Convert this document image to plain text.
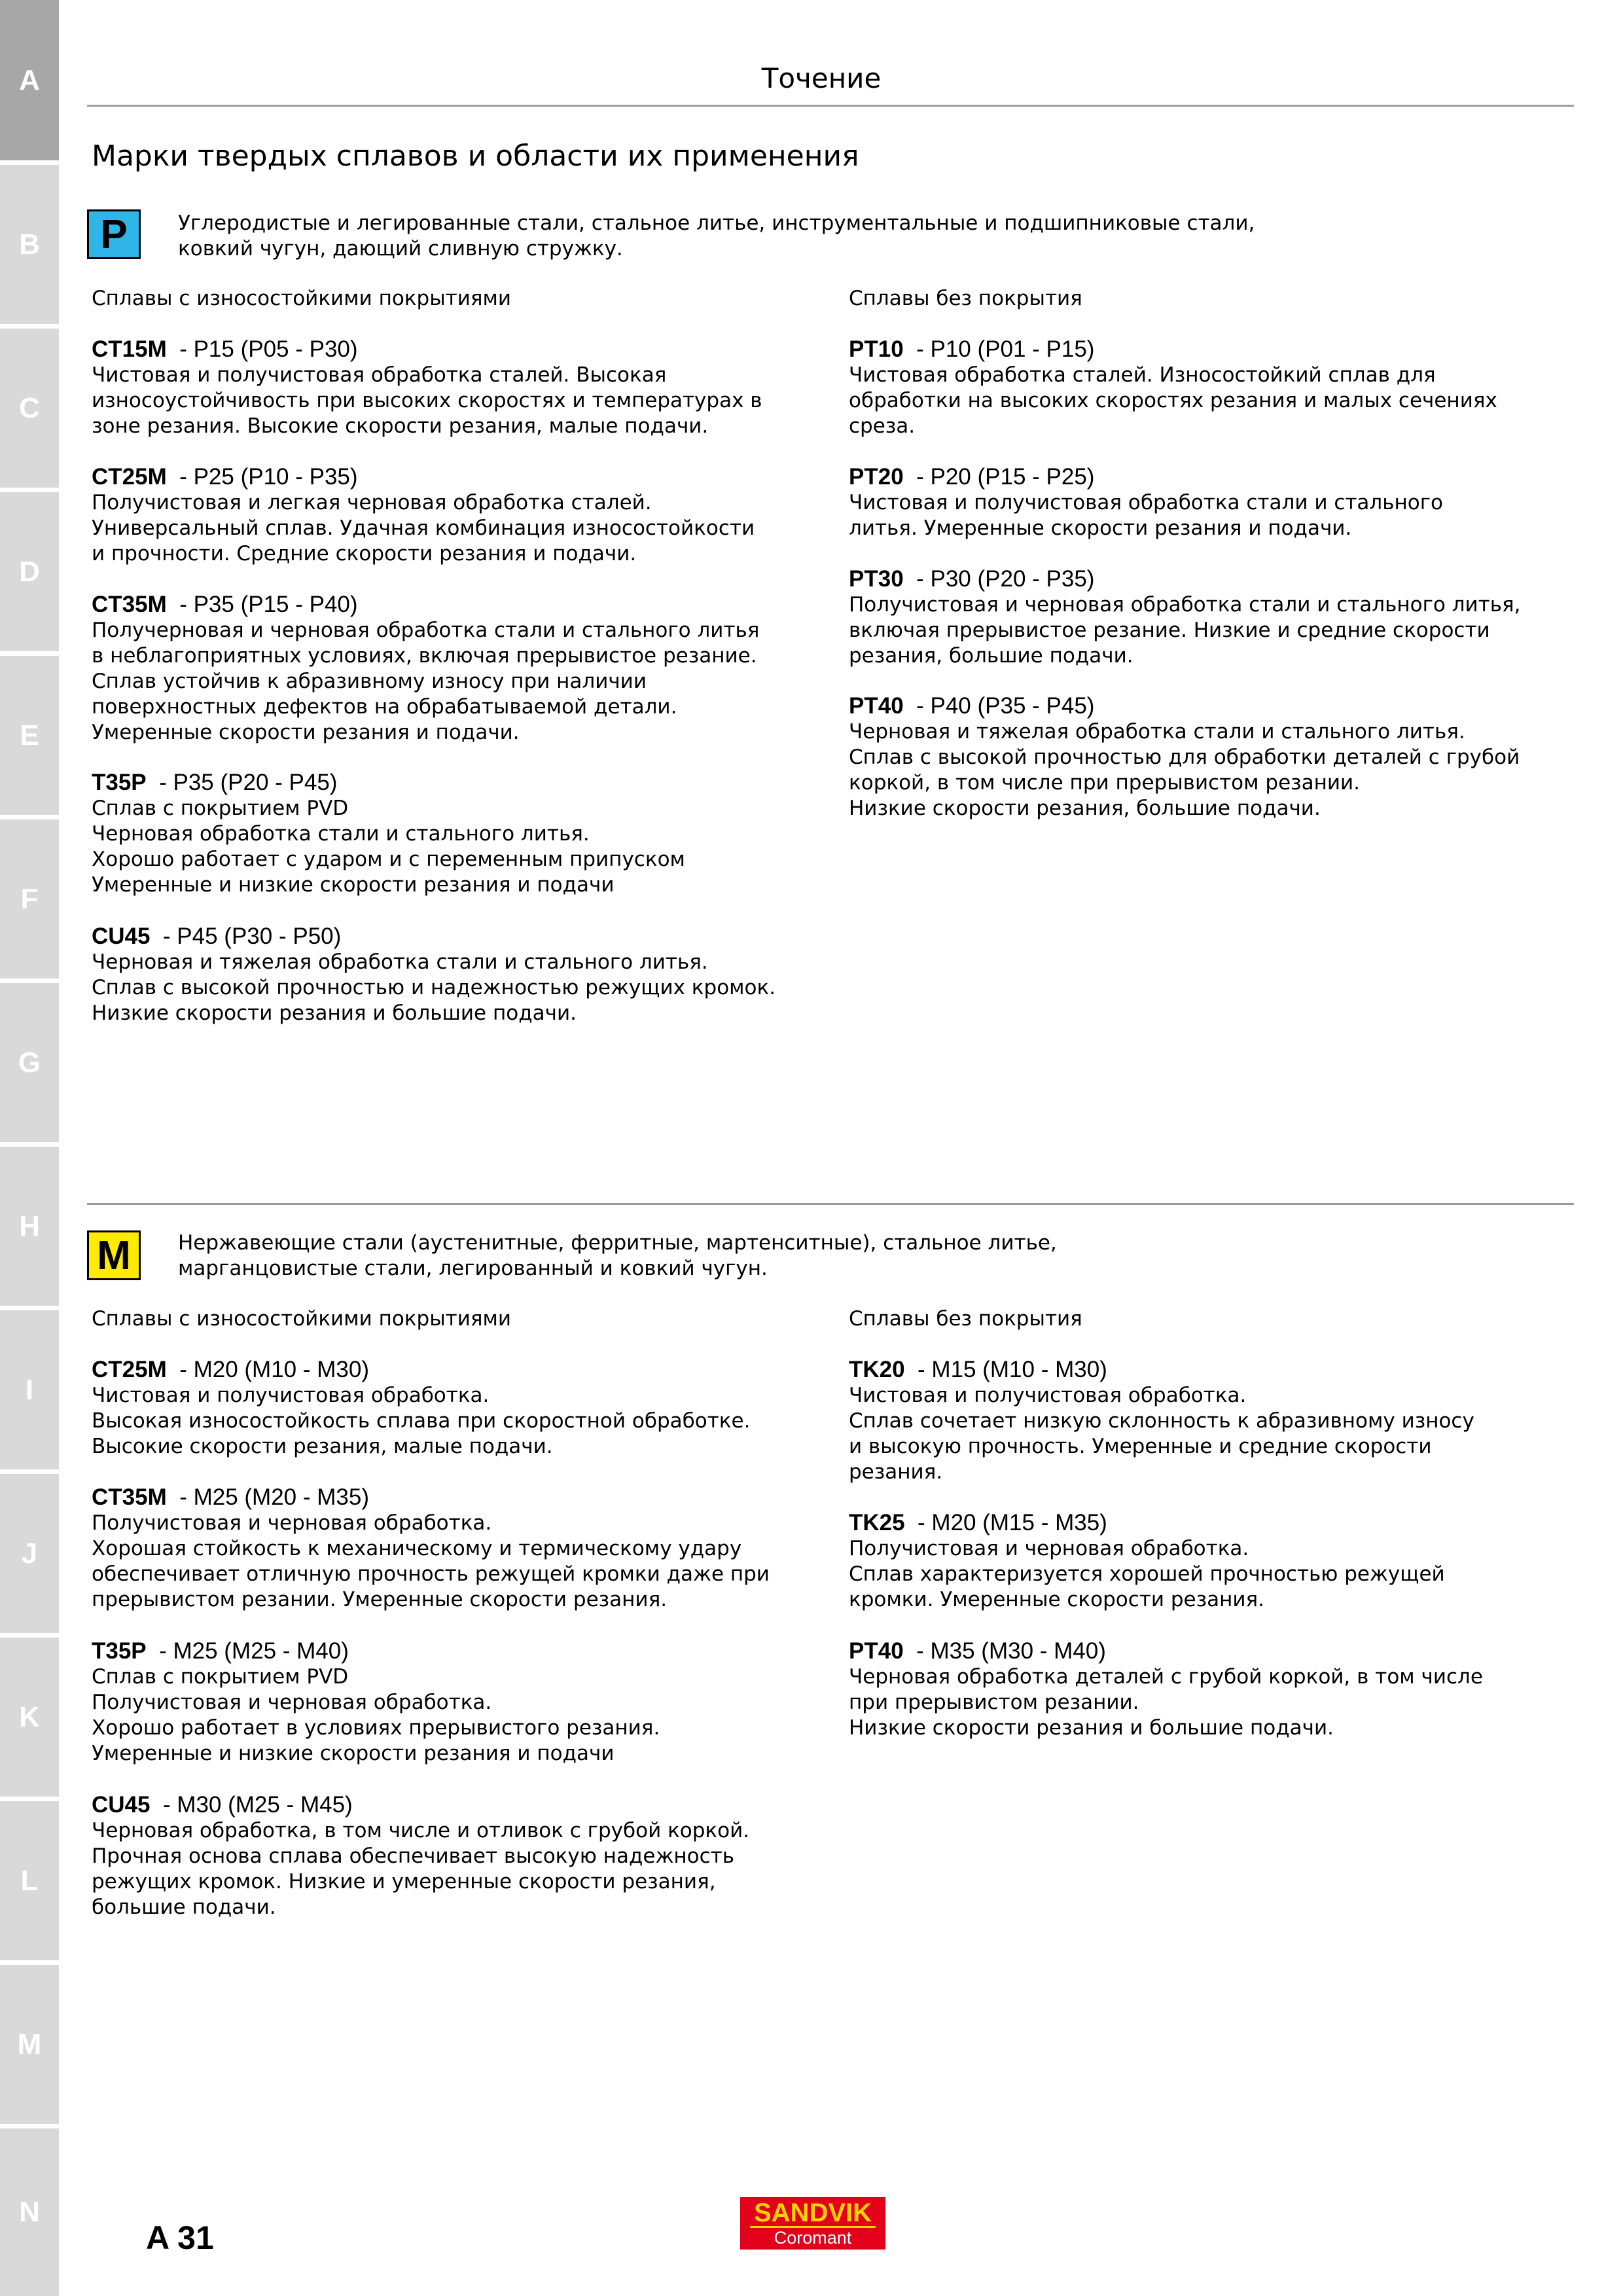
A
B
C
D
E
F
G
H
I
J
K
L
M
N
Точение
Марки твердых сплавов и области их применения
P Углеродистые и легированные стали, стальное литье, инструментальные и подшипниковые стали,
ковкий чугун, дающий сливную стружку.
Сплавы с износостойкими покрытиями	Сплавы без покрытия
CT15M  - P15 (P05 - P30)
Чистовая и получистовая обработка сталей. Высокая
износоустойчивость при высоких скоростях и температурах в
зоне резания. Высокие скорости резания, малые подачи.
CT25M  - P25 (P10 - P35)
Получистовая и легкая черновая обработка сталей.
Универсальный сплав. Удачная комбинация износостойкости
и прочности. Средние скорости резания и подачи.
CT35M  - P35 (P15 - P40)
Получерновая и черновая обработка стали и стального литья
в неблагоприятных условиях, включая прерывистое резание.
Сплав устойчив к абразивному износу при наличии
поверхностных дефектов на обрабатываемой детали.
Умеренные скорости резания и подачи.
T35P  - P35 (P20 - P45)
Сплав с покрытием PVD
Черновая обработка стали и стального литья.
Хорошо работает с ударом и с переменным припуском
Умеренные и низкие скорости резания и подачи
CU45  - P45 (P30 - P50)
Черновая и тяжелая обработка стали и стального литья.
Сплав с высокой прочностью и надежностью режущих кромок.
Низкие скорости резания и большие подачи.
PT10  - P10 (P01 - P15)
Чистовая обработка сталей. Износостойкий сплав для
обработки на высоких скоростях резания и малых сечениях
среза.
PT20  - P20 (P15 - P25)
Чистовая и получистовая обработка стали и стального
литья. Умеренные скорости резания и подачи.
PT30  - P30 (P20 - P35)
Получистовая и черновая обработка стали и стального литья,
включая прерывистое резание. Низкие и средние скорости
резания, большие подачи.
PT40  - P40 (P35 - P45)
Черновая и тяжелая обработка стали и стального литья.
Сплав с высокой прочностью для обработки деталей с грубой
коркой, в том числе при прерывистом резании.
Низкие скорости резания, большие подачи.
M Нержавеющие стали (аустенитные, ферритные, мартенситные), стальное литье,
марганцовистые стали, легированный и ковкий чугун.
Сплавы с износостойкими покрытиями	Сплавы без покрытия
CT25M  - M20 (M10 - M30)
Чистовая и получистовая обработка.
Высокая износостойкость сплава при скоростной обработке.
Высокие скорости резания, малые подачи.
CT35M  - M25 (M20 - M35)
Получистовая и черновая обработка.
Хорошая стойкость к механическому и термическому удару
обеспечивает отличную прочность режущей кромки даже при
прерывистом резании. Умеренные скорости резания.
T35P  - M25 (M25 - M40)
Сплав с покрытием PVD
Получистовая и черновая обработка.
Хорошо работает в условиях прерывистого резания.
Умеренные и низкие скорости резания и подачи
CU45  - M30 (M25 - M45)
Черновая обработка, в том числе и отливок с грубой коркой.
Прочная основа сплава обеспечивает высокую надежность
режущих кромок. Низкие и умеренные скорости резания,
большие подачи.
TK20  - M15 (M10 - M30)
Чистовая и получистовая обработка.
Сплав сочетает низкую склонность к абразивному износу
и высокую прочность. Умеренные и средние скорости
резания.
TK25  - M20 (M15 - M35)
Получистовая и черновая обработка.
Сплав характеризуется хорошей прочностью режущей
кромки. Умеренные скорости резания.
PT40  - M35 (M30 - M40)
Черновая обработка деталей с грубой коркой, в том числе
при прерывистом резании.
Низкие скорости резания и большие подачи.
A 31
SANDVIK
Coromant
